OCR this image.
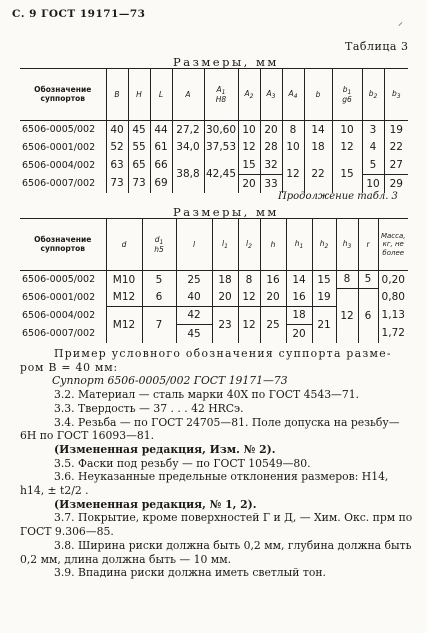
С. 9 ГОСТ 19171—73
⸝
Таблица 3
Размеры, мм
Обозначение суппортов	B	H	L	A	$A_1$
H8	$A_2$	$A_3$	$A_4$	b	$b_1$
g6	$b_2$	$b_3$
6506-0005/002	40	45	44	27,2	30,60	10	20	8	14	10	3	19
6506-0001/002	52	55	61	34,0	37,53	12	28	10	18	12	4	22
6506-0004/002	63	65	66	38,8	42,45	15	32	12	22	15	5	27
6506-0007/002	73	73	69			20	33				10	29
Продолжение табл. 3
Размеры, мм
Обозначение суппортов	d	$d_1$
h5	l	$l_1$	$l_2$	h	$h_1$	$h_2$	$h_3$	r	Масса, кг, не более
6506-0005/002	M10	5	25	18	8	16	14	15	8	5	0,20
6506-0001/002	M12	6	40	20	12	20	16	19	12	6	0,80
6506-0004/002	M12	7	42	23	12	25	18	21			1,13
6506-0007/002			45				20				1,72
Пример условного обозначения суппорта разме-
ром B = 40 мм:
Суппорт 6506-0005/002 ГОСТ 19171—73
3.2. Материал — сталь марки 40Х по ГОСТ 4543—71.
3.3. Твердость — 37 . . . 42 HRCэ.
3.4. Резьба — по ГОСТ 24705—81. Поле допуска на резьбу—
6H по ГОСТ 16093—81.
(Измененная редакция, Изм. № 2).
3.5. Фаски под резьбу — по ГОСТ 10549—80.
3.6. Неуказанные предельные отклонения размеров: H14,
h14, ± t2/2 .
(Измененная редакция, № 1, 2).
3.7. Покрытие, кроме поверхностей Г и Д, — Хим. Окс. прм по
ГОСТ 9.306—85.
3.8. Ширина риски должна быть 0,2 мм, глубина должна быть
0,2 мм, длина должна быть — 10 мм.
3.9. Впадина риски должна иметь светлый тон.
